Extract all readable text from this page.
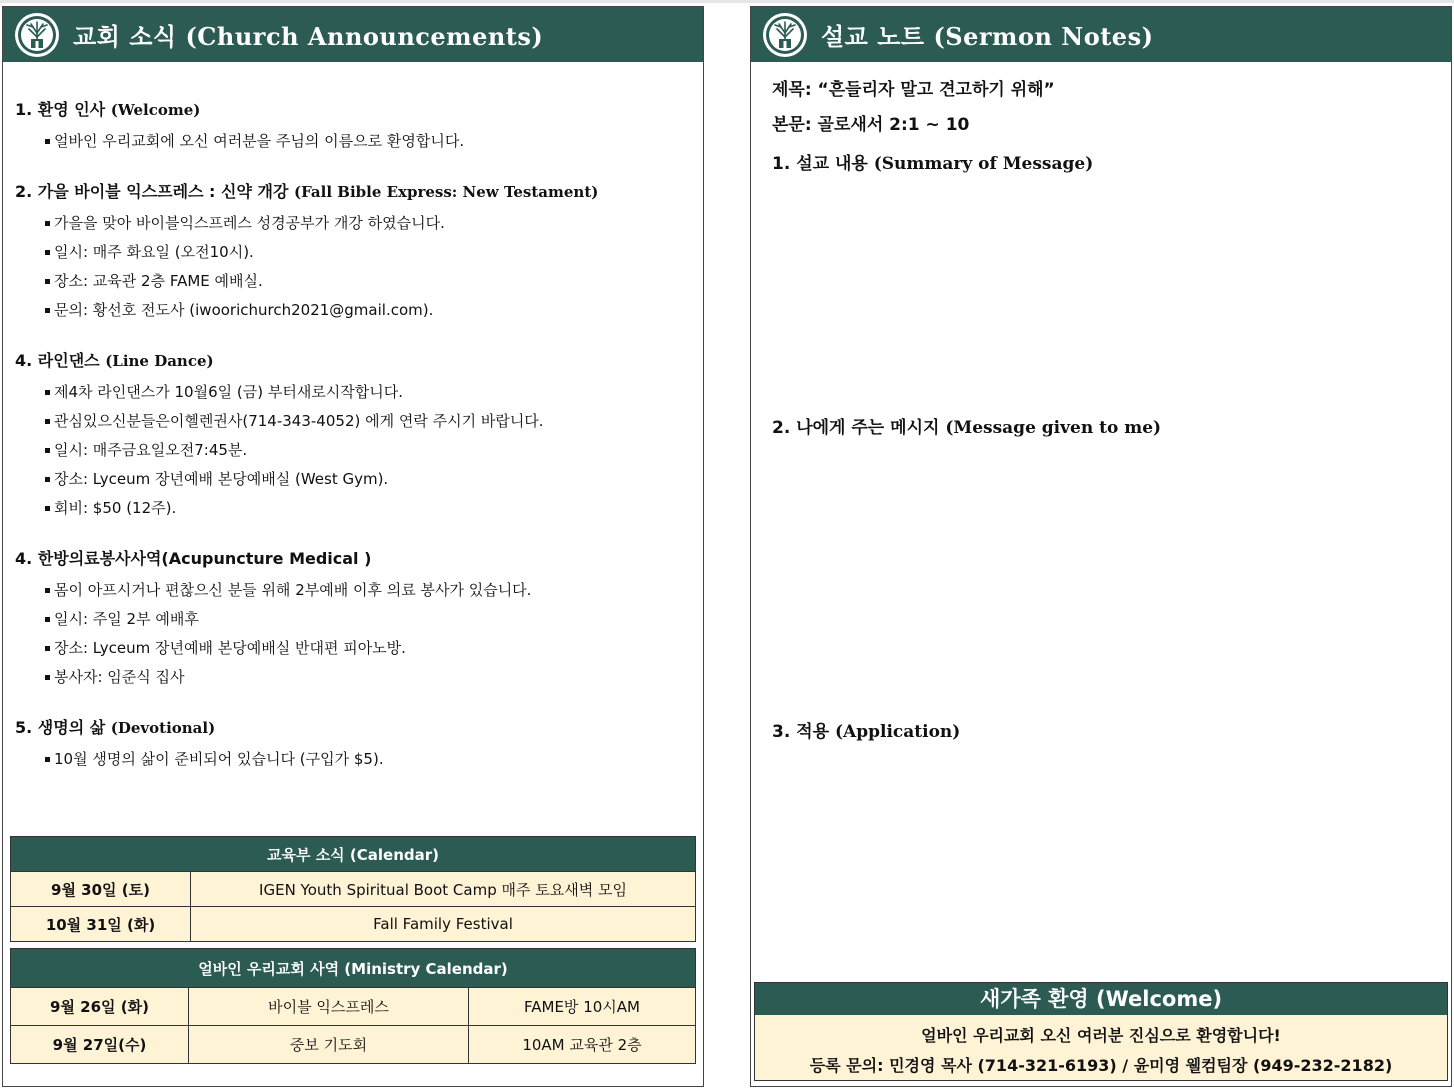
교회 소식 (Church Announcements)
1. 환영 인사 (Welcome)
얼바인 우리교회에 오신 여러분을 주님의 이름으로 환영합니다.
2. 가을 바이블 익스프레스 : 신약 개강 (Fall Bible Express: New Testament)
가을을 맞아 바이블익스프레스 성경공부가 개강 하였습니다.
일시: 매주 화요일 (오전10시).
장소: 교육관 2층 FAME 예배실.
문의: 황선호 전도사 (iwoorichurch2021@gmail.com).
4. 라인댄스 (Line Dance)
제4차 라인댄스가 10월6일 (금) 부터새로시작합니다.
관심있으신분들은이헬렌권사(714-343-4052) 에게 연락 주시기 바랍니다.
일시: 매주금요일오전7:45분.
장소: Lyceum 장년예배 본당예배실 (West Gym).
회비: $50 (12주).
4. 한방의료봉사사역(Acupuncture Medical )
몸이 아프시거나 편찮으신 분들 위해 2부예배 이후 의료 봉사가 있습니다.
일시: 주일 2부 예배후
장소: Lyceum 장년예배 본당예배실 반대편 피아노방.
봉사자: 임준식 집사
5. 생명의 삶 (Devotional)
10월 생명의 삶이 준비되어 있습니다 (구입가 $5).
교육부 소식 (Calendar)	
9월 30일 (토)	IGEN Youth Spiritual Boot Camp 매주 토요새벽 모임
10월 31일 (화)	Fall Family Festival
얼바인 우리교회 사역 (Ministry Calendar)		
9월 26일 (화)	바이블 익스프레스	FAME방 10시AM
9월 27일(수)	중보 기도회	10AM 교육관 2층
설교 노트 (Sermon Notes)
제목: “흔들리자 말고 견고하기 위해”
본문: 골로새서 2:1 ~ 10
1. 설교 내용 (Summary of Message)
2. 나에게 주는 메시지 (Message given to me)
3. 적용 (Application)
새가족 환영 (Welcome)
얼바인 우리교회 오신 여러분 진심으로 환영합니다!
등록 문의: 민경영 목사 (714-321-6193) / 윤미영 웰컴팀장 (949-232-2182)
